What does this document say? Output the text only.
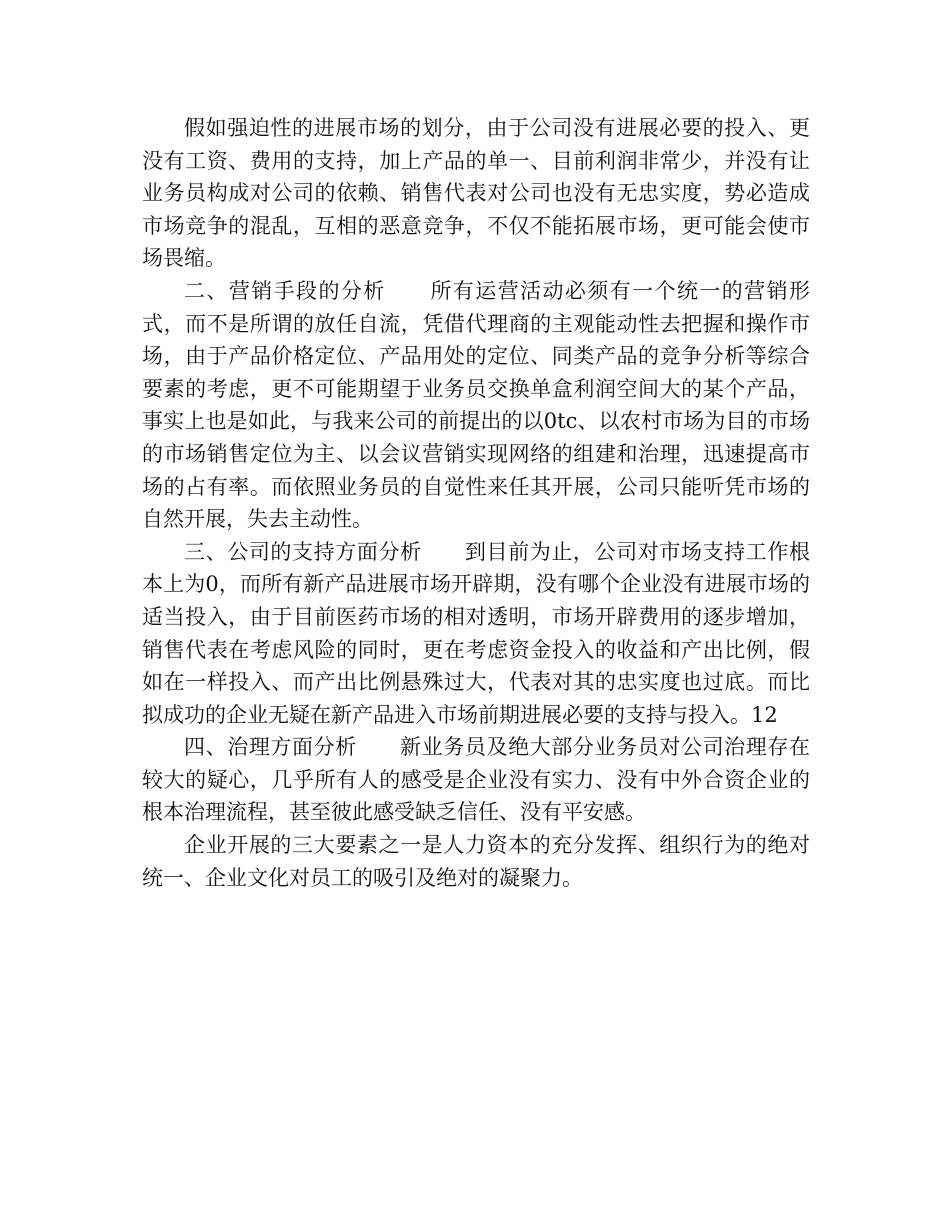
假如强迫性的进展市场的划分，由于公司没有进展必要的投入、更没有工资、费用的支持，加上产品的单一、目前利润非常少，并没有让业务员构成对公司的依赖、销售代表对公司也没有无忠实度，势必造成市场竞争的混乱，互相的恶意竞争，不仅不能拓展市场，更可能会使市场畏缩。

二、营销手段的分析　　所有运营活动必须有一个统一的营销形式，而不是所谓的放任自流，凭借代理商的主观能动性去把握和操作市场，由于产品价格定位、产品用处的定位、同类产品的竞争分析等综合要素的考虑，更不可能期望于业务员交换单盒利润空间大的某个产品，事实上也是如此，与我来公司的前提出的以0tc、以农村市场为目的市场的市场销售定位为主、以会议营销实现网络的组建和治理，迅速提高市场的占有率。而依照业务员的自觉性来任其开展，公司只能听凭市场的自然开展，失去主动性。

三、公司的支持方面分析　　到目前为止，公司对市场支持工作根本上为0，而所有新产品进展市场开辟期，没有哪个企业没有进展市场的适当投入，由于目前医药市场的相对透明，市场开辟费用的逐步增加，销售代表在考虑风险的同时，更在考虑资金投入的收益和产出比例，假如在一样投入、而产出比例悬殊过大，代表对其的忠实度也过底。而比拟成功的企业无疑在新产品进入市场前期进展必要的支持与投入。12

四、治理方面分析　　新业务员及绝大部分业务员对公司治理存在较大的疑心，几乎所有人的感受是企业没有实力、没有中外合资企业的根本治理流程，甚至彼此感受缺乏信任、没有平安感。

企业开展的三大要素之一是人力资本的充分发挥、组织行为的绝对统一、企业文化对员工的吸引及绝对的凝聚力。
